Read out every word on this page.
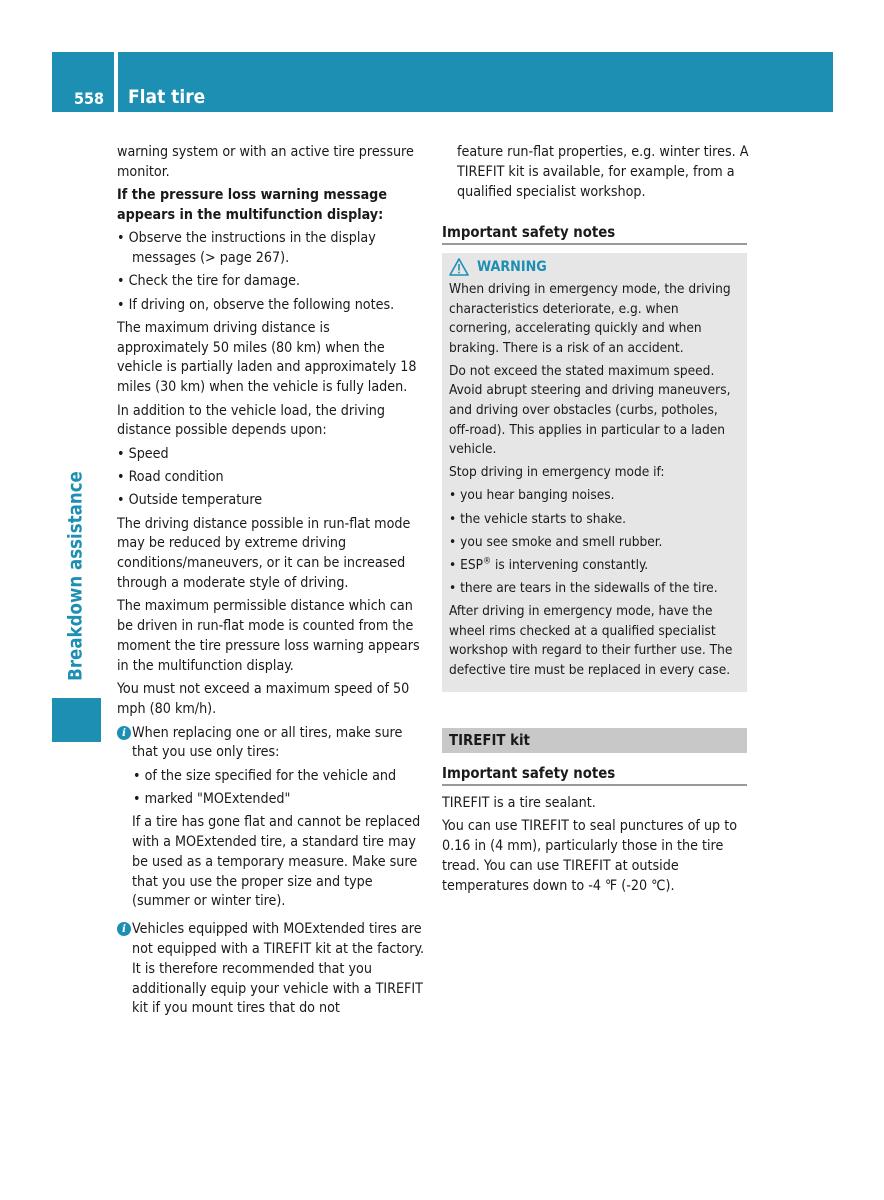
558 Flat tire
Breakdown assistance

warning system or with an active tire pressure monitor.

If the pressure loss warning message appears in the multifunction display:

• Observe the instructions in the display messages (> page 267).
• Check the tire for damage.
• If driving on, observe the following notes.

The maximum driving distance is approximately 50 miles (80 km) when the vehicle is partially laden and approximately 18 miles (30 km) when the vehicle is fully laden.

In addition to the vehicle load, the driving distance possible depends upon:

• Speed
• Road condition
• Outside temperature

The driving distance possible in run-flat mode may be reduced by extreme driving conditions/maneuvers, or it can be increased through a moderate style of driving.

The maximum permissible distance which can be driven in run-flat mode is counted from the moment the tire pressure loss warning appears in the multifunction display.

You must not exceed a maximum speed of 50 mph (80 km/h).

i When replacing one or all tires, make sure that you use only tires:
• of the size specified for the vehicle and
• marked "MOExtended"
If a tire has gone flat and cannot be replaced with a MOExtended tire, a standard tire may be used as a temporary measure. Make sure that you use the proper size and type (summer or winter tire).
i Vehicles equipped with MOExtended tires are not equipped with a TIREFIT kit at the factory. It is therefore recommended that you additionally equip your vehicle with a TIREFIT kit if you mount tires that do not

feature run-flat properties, e.g. winter tires. A TIREFIT kit is available, for example, from a qualified specialist workshop.

Important safety notes
WARNING

When driving in emergency mode, the driving characteristics deteriorate, e.g. when cornering, accelerating quickly and when braking. There is a risk of an accident.

Do not exceed the stated maximum speed. Avoid abrupt steering and driving maneuvers, and driving over obstacles (curbs, potholes, off-road). This applies in particular to a laden vehicle.

Stop driving in emergency mode if:

• you hear banging noises.
• the vehicle starts to shake.
• you see smoke and smell rubber.
• ESP® is intervening constantly.
• there are tears in the sidewalls of the tire.

After driving in emergency mode, have the wheel rims checked at a qualified specialist workshop with regard to their further use. The defective tire must be replaced in every case.

TIREFIT kit
Important safety notes

TIREFIT is a tire sealant.

You can use TIREFIT to seal punctures of up to 0.16 in (4 mm), particularly those in the tire tread. You can use TIREFIT at outside temperatures down to -4 ℉ (-20 ℃).
